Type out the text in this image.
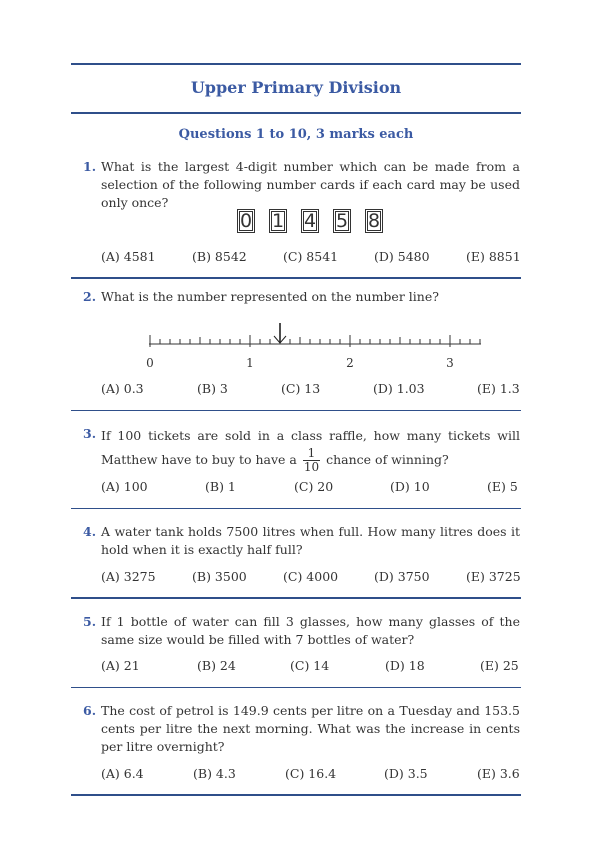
Upper Primary Division
Questions 1 to 10, 3 marks each
1. What is the largest 4-digit number which can be made from a selection of the following number cards if each card may be used only once?
0 1 4 5 8
(A) 4581	(B) 8542	(C) 8541	(D) 5480	(E) 8851
2. What is the number represented on the number line?
0	1	2	3
(A) 0.3	(B) 3	(C) 13	(D) 1.03	(E) 1.3
3. If 100 tickets are sold in a class raffle, how many tickets will Matthew have to buy to have a $\frac{1}{10}$ chance of winning?
(A) 100	(B) 1	(C) 20	(D) 10	(E) 5
4. A water tank holds 7500 litres when full. How many litres does it hold when it is exactly half full?
(A) 3275	(B) 3500	(C) 4000	(D) 3750	(E) 3725
5. If 1 bottle of water can fill 3 glasses, how many glasses of the same size would be filled with 7 bottles of water?
(A) 21	(B) 24	(C) 14	(D) 18	(E) 25
6. The cost of petrol is 149.9 cents per litre on a Tuesday and 153.5 cents per litre the next morning. What was the increase in cents per litre overnight?
(A) 6.4	(B) 4.3	(C) 16.4	(D) 3.5	(E) 3.6
